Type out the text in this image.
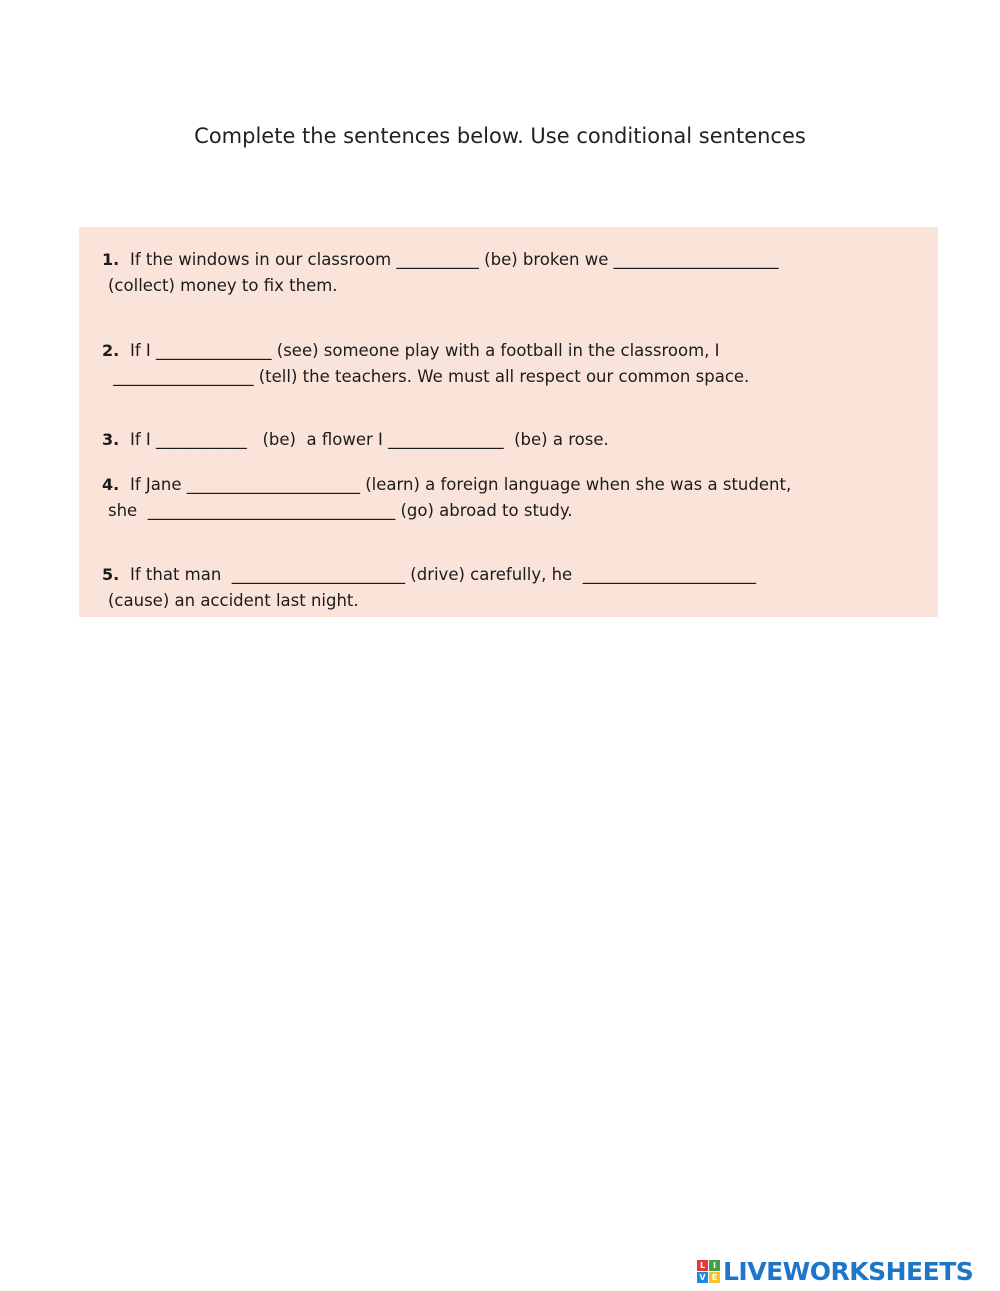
Complete the sentences below. Use conditional sentences

1. If the windows in our classroom __________ (be) broken we ____________________

(collect) money to fix them.

2. If I ______________ (see) someone play with a football in the classroom, I

_________________ (tell) the teachers. We must all respect our common space.

3. If I ___________   (be)  a flower I ______________  (be) a rose.

4. If Jane _____________________ (learn) a foreign language when she was a student,

she  ______________________________ (go) abroad to study.

5. If that man  _____________________ (drive) carefully, he  _____________________

(cause) an accident last night.
L I
V E LIVEWORKSHEETS
